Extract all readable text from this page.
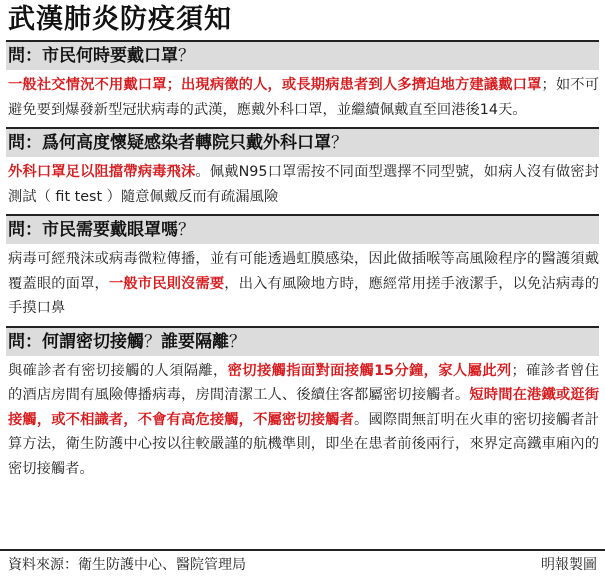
武漢肺炎防疫須知
問：市民何時要戴口罩？
一般社交情況不用戴口罩；出現病徵的人，或長期病患者到人多擠迫地方建議戴口罩；如不可避免要到爆發新型冠狀病毒的武漢，應戴外科口罩，並繼續佩戴直至回港後14天。
問：爲何高度懷疑感染者轉院只戴外科口罩？
外科口罩足以阻擋帶病毒飛沫。佩戴N95口罩需按不同面型選擇不同型號，如病人沒有做密封測試（ fit test ）隨意佩戴反而有疏漏風險
問：市民需要戴眼罩嗎？
病毒可經飛沫或病毒微粒傳播，並有可能透過虹膜感染，因此做插喉等高風險程序的醫護須戴覆蓋眼的面罩，一般市民則沒需要，出入有風險地方時，應經常用搓手液潔手，以免沾病毒的手摸口鼻
問：何謂密切接觸？誰要隔離？
與確診者有密切接觸的人須隔離，密切接觸指面對面接觸15分鐘，家人屬此列；確診者曾住的酒店房間有風險傳播病毒，房間清潔工人、後續住客都屬密切接觸者。短時間在港鐵或逛街接觸，或不相識者，不會有高危接觸，不屬密切接觸者。國際間無訂明在火車的密切接觸者計算方法，衛生防護中心按以往較嚴謹的航機準則，即坐在患者前後兩行，來界定高鐵車廂內的密切接觸者。
資料來源：衛生防護中心、醫院管理局	明報製圖
